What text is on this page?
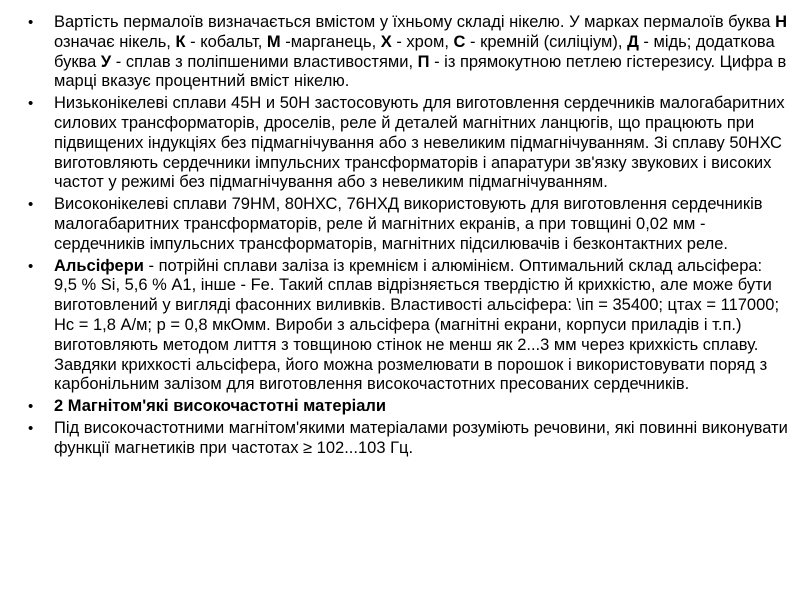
•	Вартість пермалоїв визначається вмістом у їхньому складі нікелю. У марках пермалоїв буква Н означає нікель, К - кобальт, М -марганець, Х - хром, С - кремній (силіцiум), Д - мідь; додаткова буква У - сплав з поліпшеними властивостями, П - із прямокутною петлею гістерезису. Цифра в марці вказує процентний вміст нікелю.
•	Низьконікелеві сплави 45Н и 50Н застосовують для виготовлення сердечників малогабаритних силових трансформаторів, дроселів, реле й деталей магнітних ланцюгів, що працюють при підвищених індукціях без підмагнічування або з невеликим підмагнічуванням. Зі сплаву 50НХС виготовляють сердечники імпульсних трансформаторів і апаратури зв'язку звукових і високих частот у режимі без підмагнічування або з невеликим підмагнічуванням.
•	Високонікелеві сплави 79НМ, 80НХС, 76НХД використовують для виготовлення сердечників малогабаритних трансформаторів, реле й магнітних екранів, а при товщині 0,02 мм - сердечників імпульсних трансформаторів, магнітних підсилювачів і безконтактних реле.
•	Альсіфери - потрійні сплави заліза із кремнієм і алюмінієм. Оптимальний склад альсіфера: 9,5 % Si, 5,6 % А1, інше - Fe. Такий сплав відрізняється твердістю й крихкістю, але може бути виготовлений у вигляді фасонних виливків. Властивості альсіфера: \іп = 35400; цтах = 117000; Нс = 1,8 А/м; р = 0,8 мкОмм. Вироби з альсіфера (магнітні екрани, корпуси приладів і т.п.) виготовляють методом лиття з товщиною стінок не менш як 2...3 мм через крихкість сплаву. Завдяки крихкості альсіфера, його можна розмелювати в порошок і використовувати поряд з карбонільним залізом для виготовлення високочастотних пресованих сердечників.
•	2 Магнітом'які високочастотні матеріали
•	Під високочастотними магнітом'якими матеріалами розуміють речовини, які повинні виконувати функції магнетиків при частотах ≥ 102...103 Гц.
